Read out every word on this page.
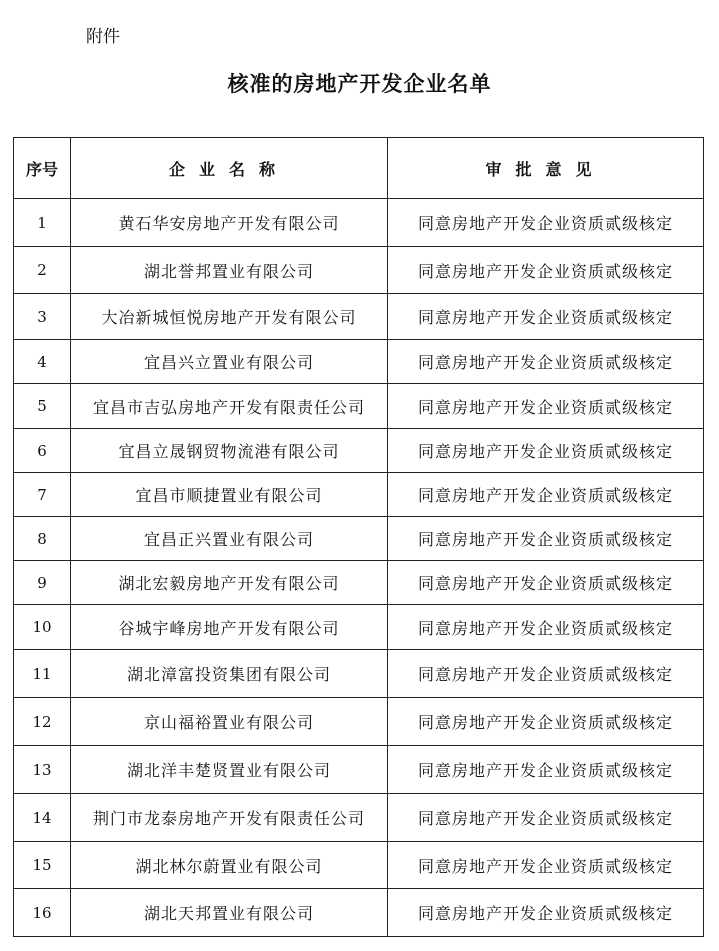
附件
核准的房地产开发企业名单
序号	企业名称	审批意见
1	黄石华安房地产开发有限公司	同意房地产开发企业资质贰级核定
2	湖北誉邦置业有限公司	同意房地产开发企业资质贰级核定
3	大冶新城恒悦房地产开发有限公司	同意房地产开发企业资质贰级核定
4	宜昌兴立置业有限公司	同意房地产开发企业资质贰级核定
5	宜昌市吉弘房地产开发有限责任公司	同意房地产开发企业资质贰级核定
6	宜昌立晟钢贸物流港有限公司	同意房地产开发企业资质贰级核定
7	宜昌市顺捷置业有限公司	同意房地产开发企业资质贰级核定
8	宜昌正兴置业有限公司	同意房地产开发企业资质贰级核定
9	湖北宏毅房地产开发有限公司	同意房地产开发企业资质贰级核定
10	谷城宇峰房地产开发有限公司	同意房地产开发企业资质贰级核定
11	湖北漳富投资集团有限公司	同意房地产开发企业资质贰级核定
12	京山福裕置业有限公司	同意房地产开发企业资质贰级核定
13	湖北洋丰楚贤置业有限公司	同意房地产开发企业资质贰级核定
14	荆门市龙泰房地产开发有限责任公司	同意房地产开发企业资质贰级核定
15	湖北林尔蔚置业有限公司	同意房地产开发企业资质贰级核定
16	湖北天邦置业有限公司	同意房地产开发企业资质贰级核定
